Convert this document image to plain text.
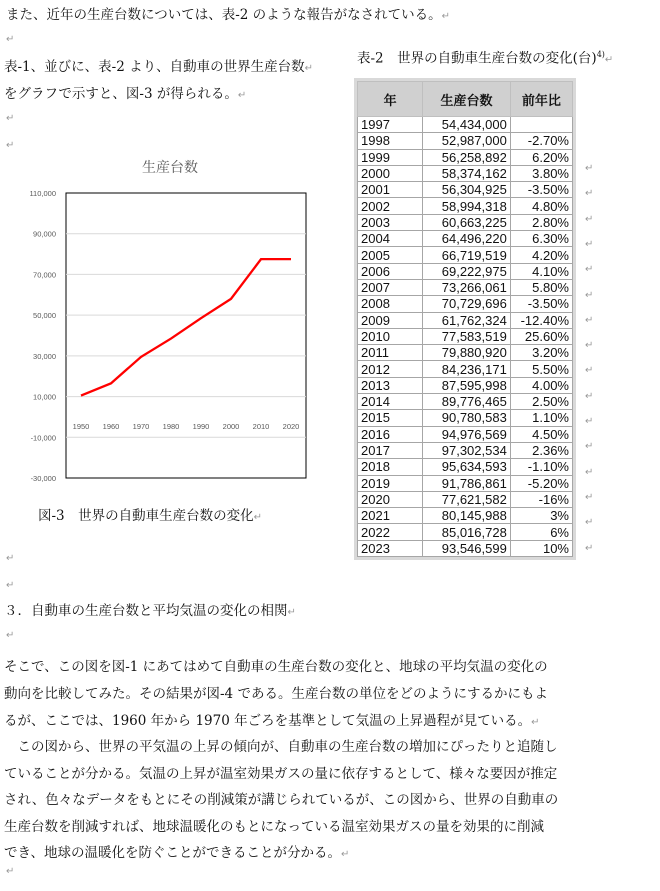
また、近年の生産台数については、表-2 のような報告がなされている。↵
↵
表-1、並びに、表-2 より、自動車の世界生産台数↵
をグラフで示すと、図-3 が得られる。↵
↵
↵
表-2　世界の自動車生産台数の変化(台)$^{4)}$↵
生産台数
110,000
90,000
70,000
50,000
30,000
10,000
-10,000
-30,000
1950 1960 1970 1980 1990 2000 2010 2020
図-3　世界の自動車生産台数の変化↵
年	生産台数	前年比
1997	54,434,000	
1998	52,987,000	-2.70%
1999	56,258,892	6.20%
2000	58,374,162	3.80%
2001	56,304,925	-3.50%
2002	58,994,318	4.80%
2003	60,663,225	2.80%
2004	64,496,220	6.30%
2005	66,719,519	4.20%
2006	69,222,975	4.10%
2007	73,266,061	5.80%
2008	70,729,696	-3.50%
2009	61,762,324	-12.40%
2010	77,583,519	25.60%
2011	79,880,920	3.20%
2012	84,236,171	5.50%
2013	87,595,998	4.00%
2014	89,776,465	2.50%
2015	90,780,583	1.10%
2016	94,976,569	4.50%
2017	97,302,534	2.36%
2018	95,634,593	-1.10%
2019	91,786,861	-5.20%
2020	77,621,582	-16%
2021	80,145,988	3%
2022	85,016,728	6%
2023	93,546,599	10%
↵
↵
↵
↵
↵
↵
↵
↵
↵
↵
↵
↵
↵
↵
↵
↵
↵
↵
３．自動車の生産台数と平均気温の変化の相関↵
↵
そこで、この図を図-1 にあてはめて自動車の生産台数の変化と、地球の平均気温の変化の
動向を比較してみた。その結果が図-4 である。生産台数の単位をどのようにするかにもよ
るが、ここでは、1960 年から 1970 年ごろを基準として気温の上昇過程が見ている。↵
　この図から、世界の平気温の上昇の傾向が、自動車の生産台数の増加にぴったりと追随し
ていることが分かる。気温の上昇が温室効果ガスの量に依存するとして、様々な要因が推定
され、色々なデータをもとにその削減策が講じられているが、この図から、世界の自動車の
生産台数を削減すれば、地球温暖化のもとになっている温室効果ガスの量を効果的に削減
でき、地球の温暖化を防ぐことができることが分かる。↵
↵
